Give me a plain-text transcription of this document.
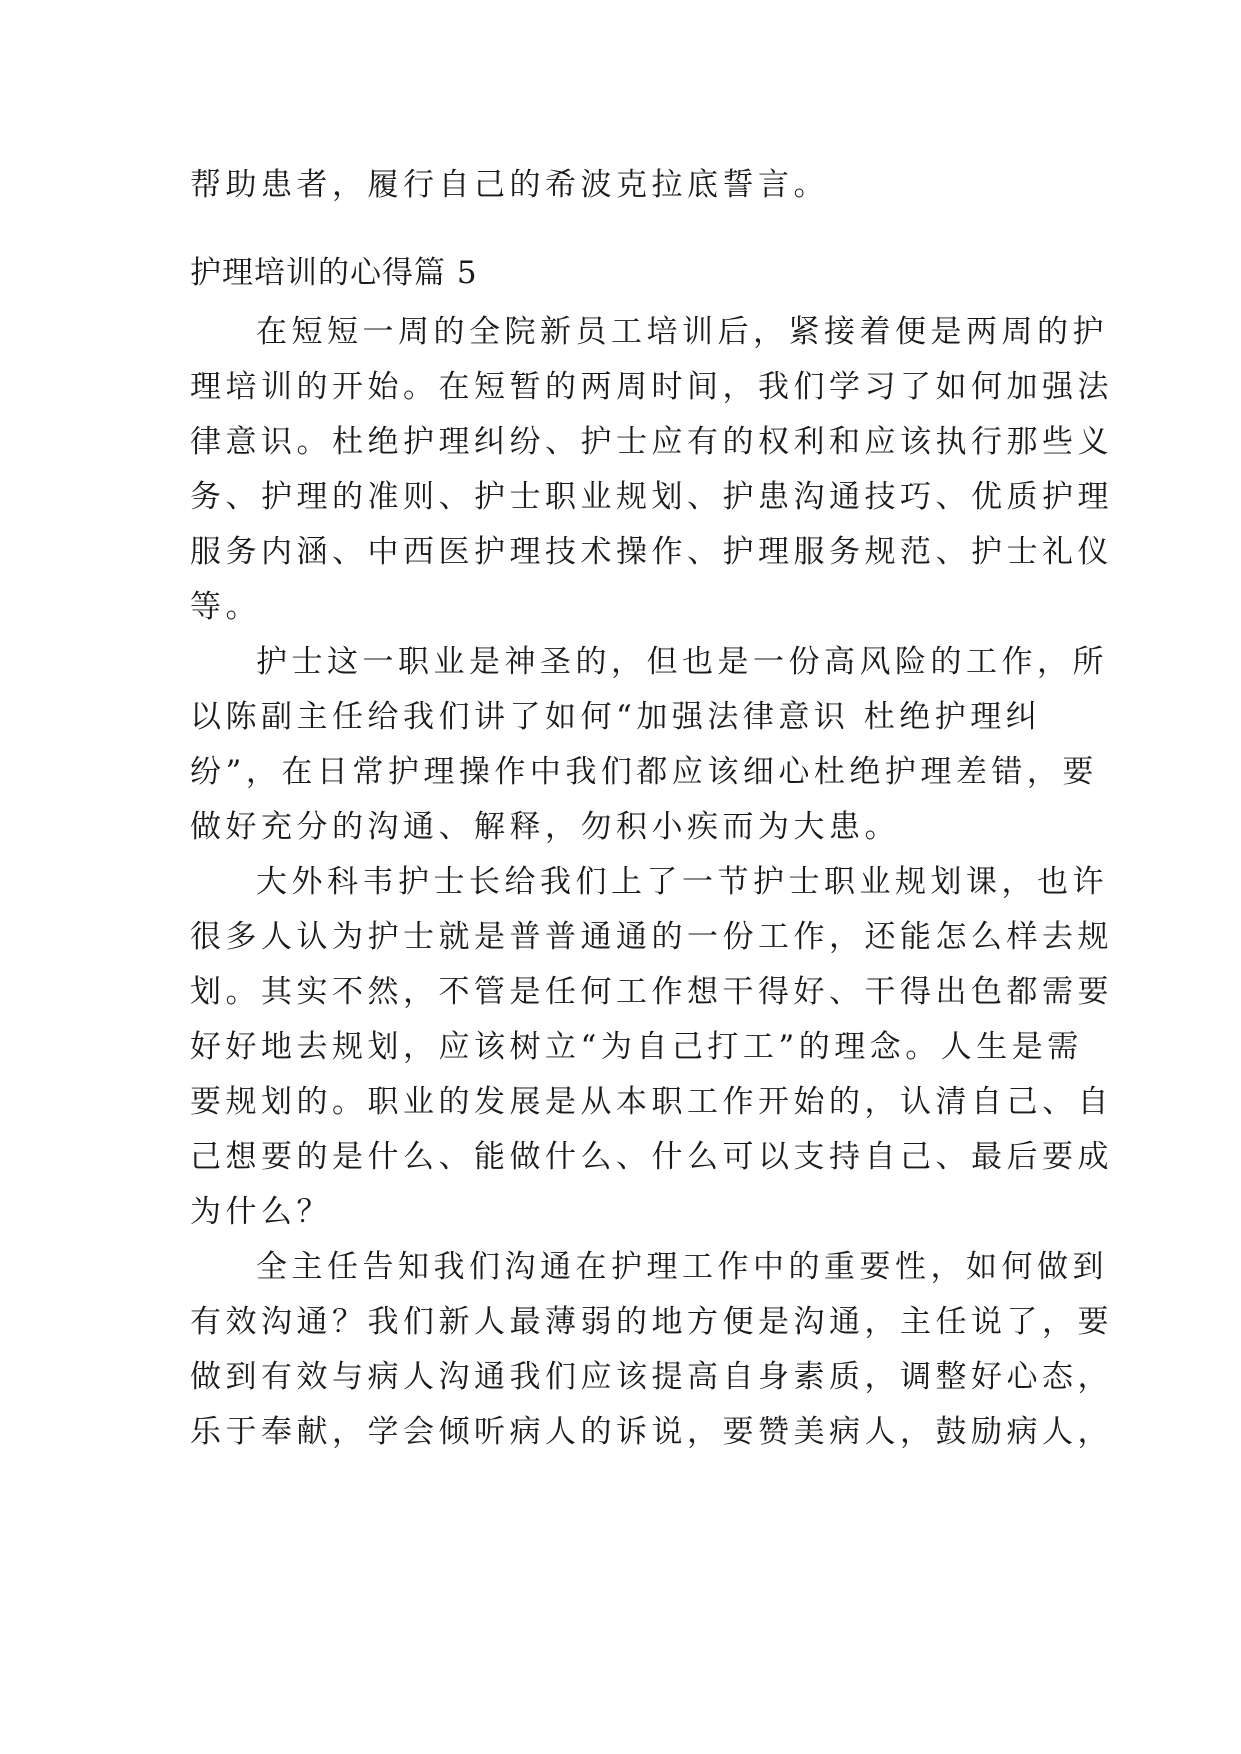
帮助患者，履行自己的希波克拉底誓言。
护理培训的心得篇 5
在短短一周的全院新员工培训后，紧接着便是两周的护
理培训的开始。在短暂的两周时间，我们学习了如何加强法
律意识。杜绝护理纠纷、护士应有的权利和应该执行那些义
务、护理的准则、护士职业规划、护患沟通技巧、优质护理
服务内涵、中西医护理技术操作、护理服务规范、护士礼仪
等。
护士这一职业是神圣的，但也是一份高风险的工作，所
以陈副主任给我们讲了如何“加强法律意识 杜绝护理纠
纷”，在日常护理操作中我们都应该细心杜绝护理差错，要
做好充分的沟通、解释，勿积小疾而为大患。
大外科韦护士长给我们上了一节护士职业规划课，也许
很多人认为护士就是普普通通的一份工作，还能怎么样去规
划。其实不然，不管是任何工作想干得好、干得出色都需要
好好地去规划，应该树立“为自己打工”的理念。人生是需
要规划的。职业的发展是从本职工作开始的，认清自己、自
己想要的是什么、能做什么、什么可以支持自己、最后要成
为什么？
全主任告知我们沟通在护理工作中的重要性，如何做到
有效沟通？我们新人最薄弱的地方便是沟通，主任说了，要
做到有效与病人沟通我们应该提高自身素质，调整好心态，
乐于奉献，学会倾听病人的诉说，要赞美病人，鼓励病人，
